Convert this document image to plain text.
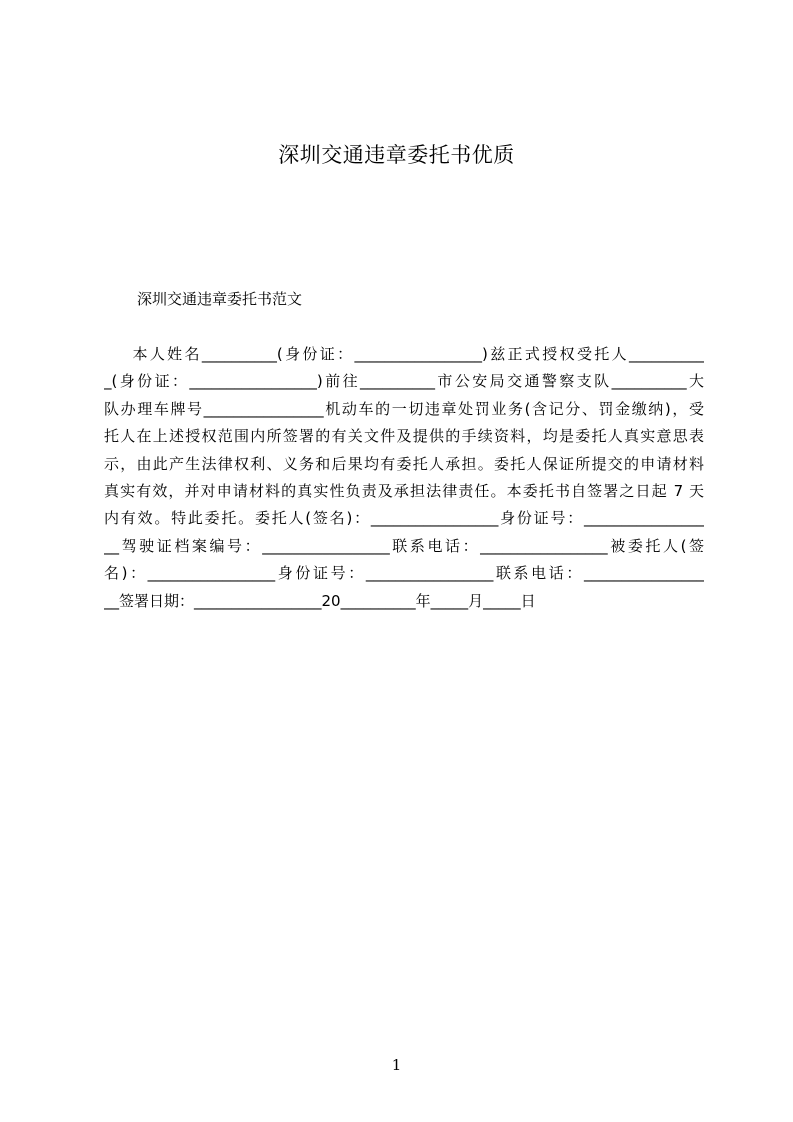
深圳交通违章委托书优质
深圳交通违章委托书范文
本人姓名__________(身份证：_________________)兹正式授权受托人__________
_(身份证：_________________)前往__________市公安局交通警察支队__________大
队办理车牌号________________机动车的一切违章处罚业务(含记分、罚金缴纳)，受
托人在上述授权范围内所签署的有关文件及提供的手续资料，均是委托人真实意思表
示，由此产生法律权利、义务和后果均有委托人承担。委托人保证所提交的申请材料
真实有效，并对申请材料的真实性负责及承担法律责任。本委托书自签署之日起 7 天
内有效。特此委托。委托人(签名)：_________________身份证号：________________
__驾驶证档案编号：_________________联系电话：_________________被委托人(签
名)：_________________身份证号：_________________联系电话：________________
__签署日期：_________________20__________年_____月_____日
1
